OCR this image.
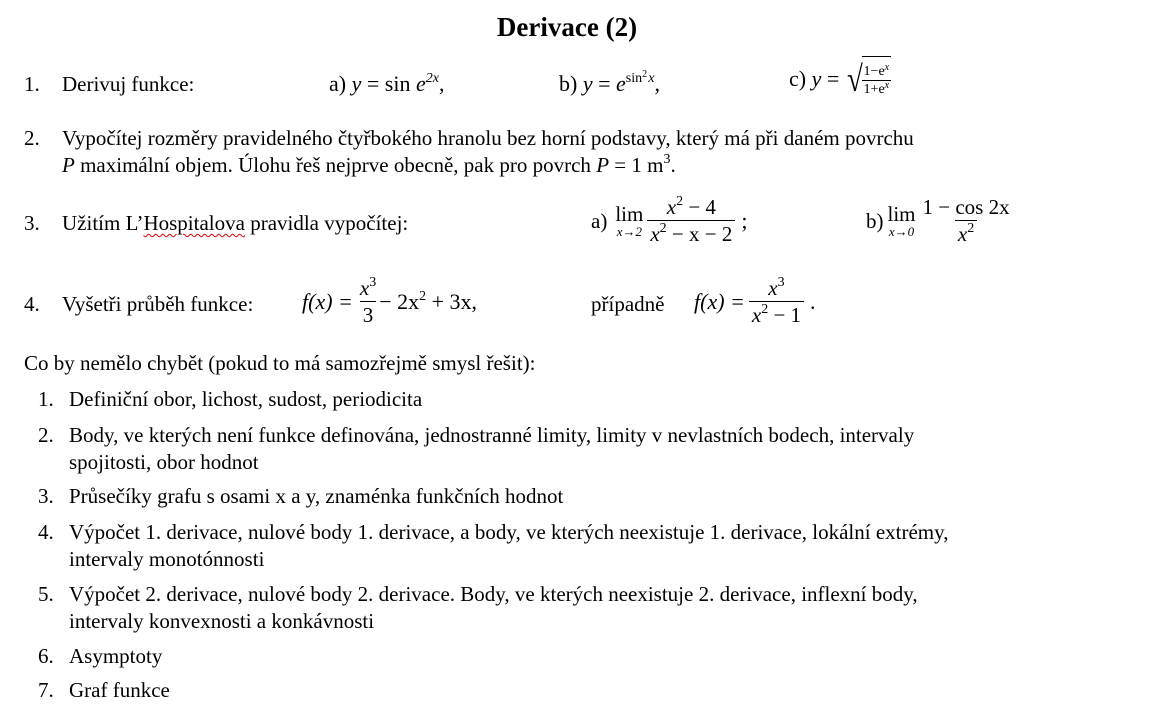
Derivace (2)
1. Derivuj funkce:	a) $y = \sin e^{2x}$,	b) $y = e^{sin^2 x}$,	c) y = √
$\frac{1-e^x}{1+e^x}$
2. Vypočítej rozměry pravidelného čtyřbokého hranolu bez horní podstavy, který má při daném povrchu
P maximální objem. Úlohu řeš nejprve obecně, pak pro povrch P = 1 $m^3$.
3. Užitím L’Hospitalova pravidla vypočítej:	a) lim
$x\to 2 \frac{x^2 - 4}{x^2 - x - 2}$ ;	b) lim
$x\to 0 \frac{1 - \cos 2x}{x^2}$
4. Vyšetři průběh funkce: $f(x) = \frac{x^3}{3} - 2x^2 + 3x$,	případně $f(x) = \frac{x^3}{x^2 - 1}$ .
Co by nemělo chybět (pokud to má samozřejmě smysl řešit):
1. Definiční obor, lichost, sudost, periodicita
2. Body, ve kterých není funkce definována, jednostranné limity, limity v nevlastních bodech, intervaly
spojitosti, obor hodnot
3. Průsečíky grafu s osami x a y, znaménka funkčních hodnot
4. Výpočet 1. derivace, nulové body 1. derivace, a body, ve kterých neexistuje 1. derivace, lokální extrémy,
intervaly monotónnosti
5. Výpočet 2. derivace, nulové body 2. derivace. Body, ve kterých neexistuje 2. derivace, inflexní body,
intervaly konvexnosti a konkávnosti
6. Asymptoty
7. Graf funkce
